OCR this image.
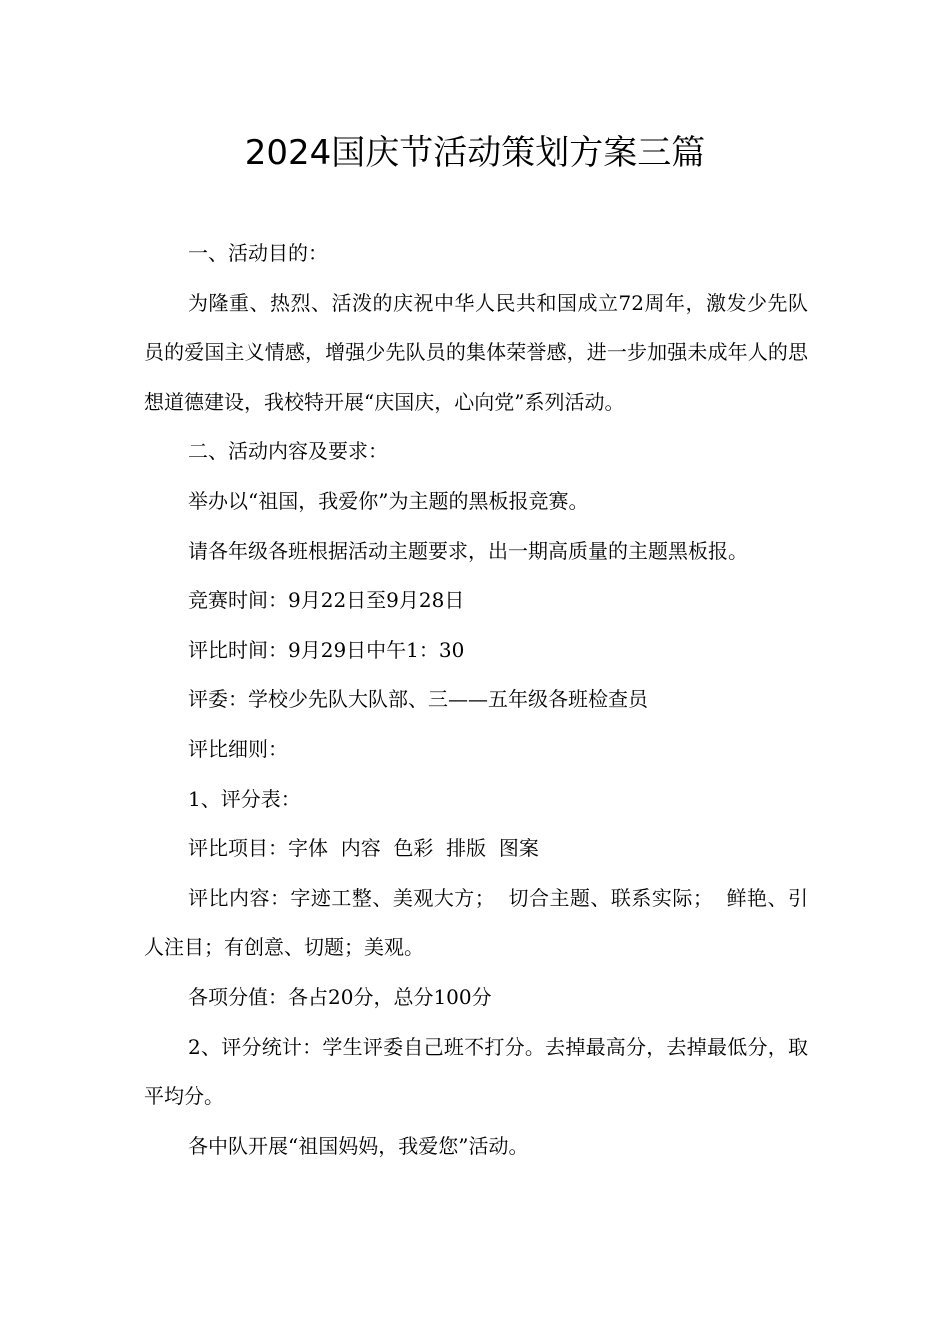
2024国庆节活动策划方案三篇

一、活动目的：

为隆重、热烈、活泼的庆祝中华人民共和国成立72周年，激发少先队员的爱国主义情感，增强少先队员的集体荣誉感，进一步加强未成年人的思想道德建设，我校特开展“庆国庆，心向党”系列活动。

二、活动内容及要求：

举办以“祖国，我爱你”为主题的黑板报竞赛。

请各年级各班根据活动主题要求，出一期高质量的主题黑板报。

竞赛时间：9月22日至9月28日

评比时间：9月29日中午1：30

评委：学校少先队大队部、三——五年级各班检查员

评比细则：

1、评分表：

评比项目：字体  内容  色彩  排版  图案

评比内容：字迹工整、美观大方；  切合主题、联系实际；  鲜艳、引人注目；有创意、切题；美观。

各项分值：各占20分，总分100分

2、评分统计：学生评委自己班不打分。去掉最高分，去掉最低分，取平均分。

各中队开展“祖国妈妈，我爱您”活动。
